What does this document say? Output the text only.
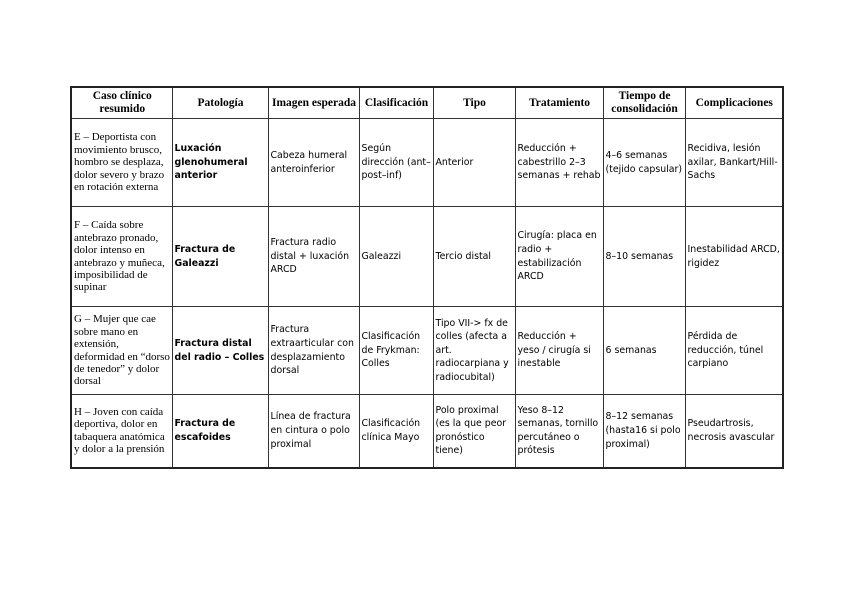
Caso clínico resumido	Patología	Imagen esperada	Clasificación	Tipo	Tratamiento	Tiempo de consolidación	Complicaciones
E – Deportista con movimiento brusco, hombro se desplaza, dolor severo y brazo en rotación externa	Luxación glenohumeral anterior	Cabeza humeral anteroinferior	Según dirección (ant–post–inf)	Anterior	Reducción + cabestrillo 2–3 semanas + rehab	4–6 semanas (tejido capsular)	Recidiva, lesión axilar, Bankart/Hill-Sachs
F – Caída sobre antebrazo pronado, dolor intenso en antebrazo y muñeca, imposibilidad de supinar	Fractura de Galeazzi	Fractura radio distal + luxación ARCD	Galeazzi	Tercio distal	Cirugía: placa en radio + estabilización ARCD	8–10 semanas	Inestabilidad ARCD, rigidez
G – Mujer que cae sobre mano en extensión, deformidad en “dorso de tenedor” y dolor dorsal	Fractura distal del radio – Colles	Fractura extraarticular con desplazamiento dorsal	Clasificación de Frykman: Colles	Tipo VII-> fx de colles (afecta a art. radiocarpiana y radiocubital)	Reducción + yeso / cirugía si inestable	6 semanas	Pérdida de reducción, túnel carpiano
H – Joven con caída deportiva, dolor en tabaquera anatómica y dolor a la prensión	Fractura de escafoides	Línea de fractura en cintura o polo proximal	Clasificación clínica Mayo	Polo proximal (es la que peor pronóstico tiene)	Yeso 8–12 semanas, tornillo percutáneo o prótesis	8–12 semanas (hasta16 si polo proximal)	Pseudartrosis, necrosis avascular
